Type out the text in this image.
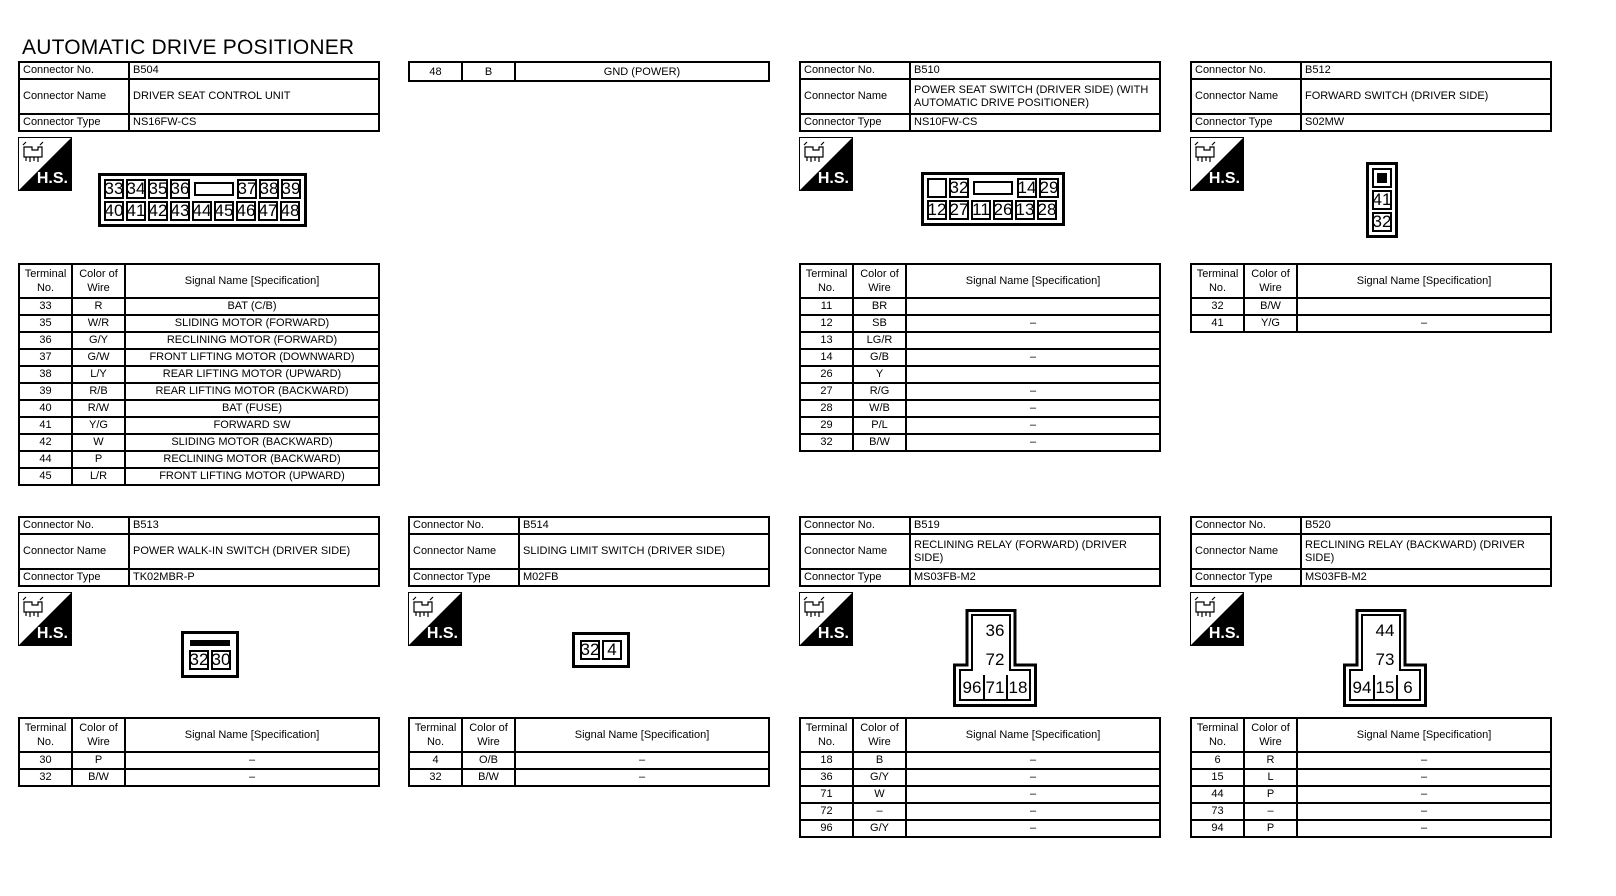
AUTOMATIC DRIVE POSITIONER
48	B	GND (POWER)
Connector No.	B504
Connector Name	DRIVER SEAT CONTROL UNIT
Connector Type	NS16FW-CS
H.S.
33 34 35 36	37 38 39
40 41 42 43 44 45 46 47 48
Terminal No.	Color of Wire	Signal Name [Specification]
33	R	BAT (C/B)
35	W/R	SLIDING MOTOR (FORWARD)
36	G/Y	RECLINING MOTOR (FORWARD)
37	G/W	FRONT LIFTING MOTOR (DOWNWARD)
38	L/Y	REAR LIFTING MOTOR (UPWARD)
39	R/B	REAR LIFTING MOTOR (BACKWARD)
40	R/W	BAT (FUSE)
41	Y/G	FORWARD SW
42	W	SLIDING MOTOR (BACKWARD)
44	P	RECLINING MOTOR (BACKWARD)
45	L/R	FRONT LIFTING MOTOR (UPWARD)
Connector No.	B510
Connector Name	POWER SEAT SWITCH (DRIVER SIDE) (WITH AUTOMATIC DRIVE POSITIONER)
Connector Type	NS10FW-CS
H.S.	32	14 29
12 27 11 26 13 28
Terminal No.	Color of Wire	Signal Name [Specification]
11	BR	
12	SB	–
13	LG/R	
14	G/B	–
26	Y	
27	R/G	–
28	W/B	–
29	P/L	–
32	B/W	–
Connector No.	B512
Connector Name	FORWARD SWITCH (DRIVER SIDE)
Connector Type	S02MW
H.S.
41
32
Terminal No.	Color of Wire	Signal Name [Specification]
32	B/W	
41	Y/G	–
Connector No.	B513
Connector Name	POWER WALK-IN SWITCH (DRIVER SIDE)
Connector Type	TK02MBR-P
H.S.
32 30
Terminal No.	Color of Wire	Signal Name [Specification]
30	P	–
32	B/W	–
Connector No.	B514
Connector Name	SLIDING LIMIT SWITCH (DRIVER SIDE)
Connector Type	M02FB
H.S.
32 4
Terminal No.	Color of Wire	Signal Name [Specification]
4	O/B	–
32	B/W	–
Connector No.	B519
Connector Name	RECLINING RELAY (FORWARD) (DRIVER SIDE)
Connector Type	MS03FB-M2
H.S.	36
72
96 71 18
Terminal No.	Color of Wire	Signal Name [Specification]
18	B	–
36	G/Y	–
71	W	–
72	–	–
96	G/Y	–
Connector No.	B520
Connector Name	RECLINING RELAY (BACKWARD) (DRIVER SIDE)
Connector Type	MS03FB-M2
H.S.	44
73
94 15 6
Terminal No.	Color of Wire	Signal Name [Specification]
6	R	–
15	L	–
44	P	–
73	–	–
94	P	–
